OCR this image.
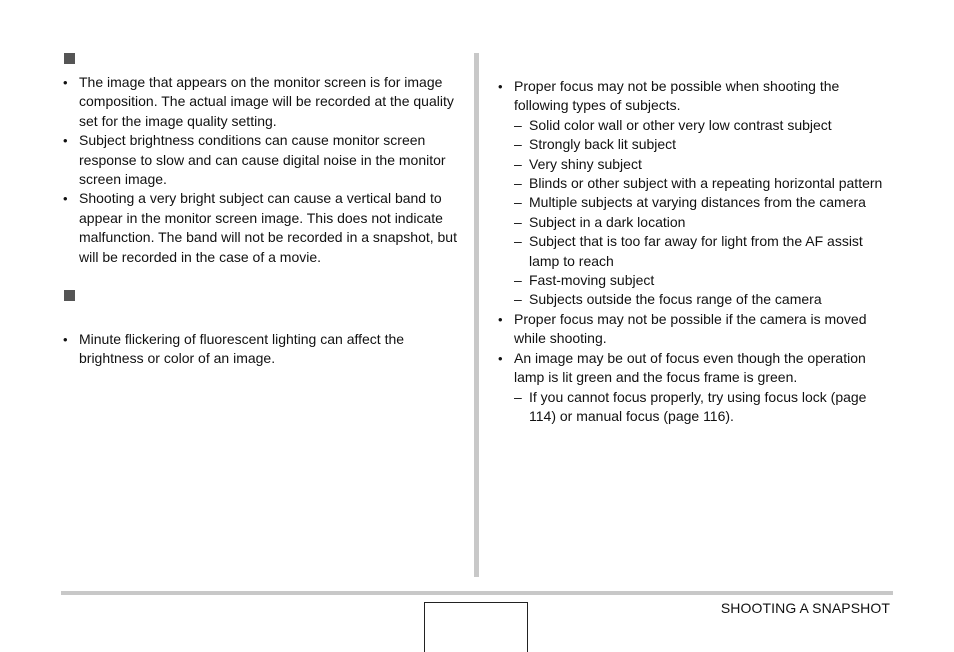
• The image that appears on the monitor screen is for image composition. The actual image will be recorded at the quality set for the image quality setting.
• Subject brightness conditions can cause monitor screen response to slow and can cause digital noise in the monitor screen image.
• Shooting a very bright subject can cause a vertical band to appear in the monitor screen image. This does not indicate malfunction. The band will not be recorded in a snapshot, but will be recorded in the case of a movie.
• Minute flickering of fluorescent lighting can affect the brightness or color of an image.
• Proper focus may not be possible when shooting the following types of subjects.
– Solid color wall or other very low contrast subject
– Strongly back lit subject
– Very shiny subject
– Blinds or other subject with a repeating horizontal pattern
– Multiple subjects at varying distances from the camera
– Subject in a dark location
– Subject that is too far away for light from the AF assist lamp to reach
– Fast-moving subject
– Subjects outside the focus range of the camera
• Proper focus may not be possible if the camera is moved while shooting.
• An image may be out of focus even though the operation lamp is lit green and the focus frame is green.
– If you cannot focus properly, try using focus lock (page 114) or manual focus (page 116).
SHOOTING A SNAPSHOT
